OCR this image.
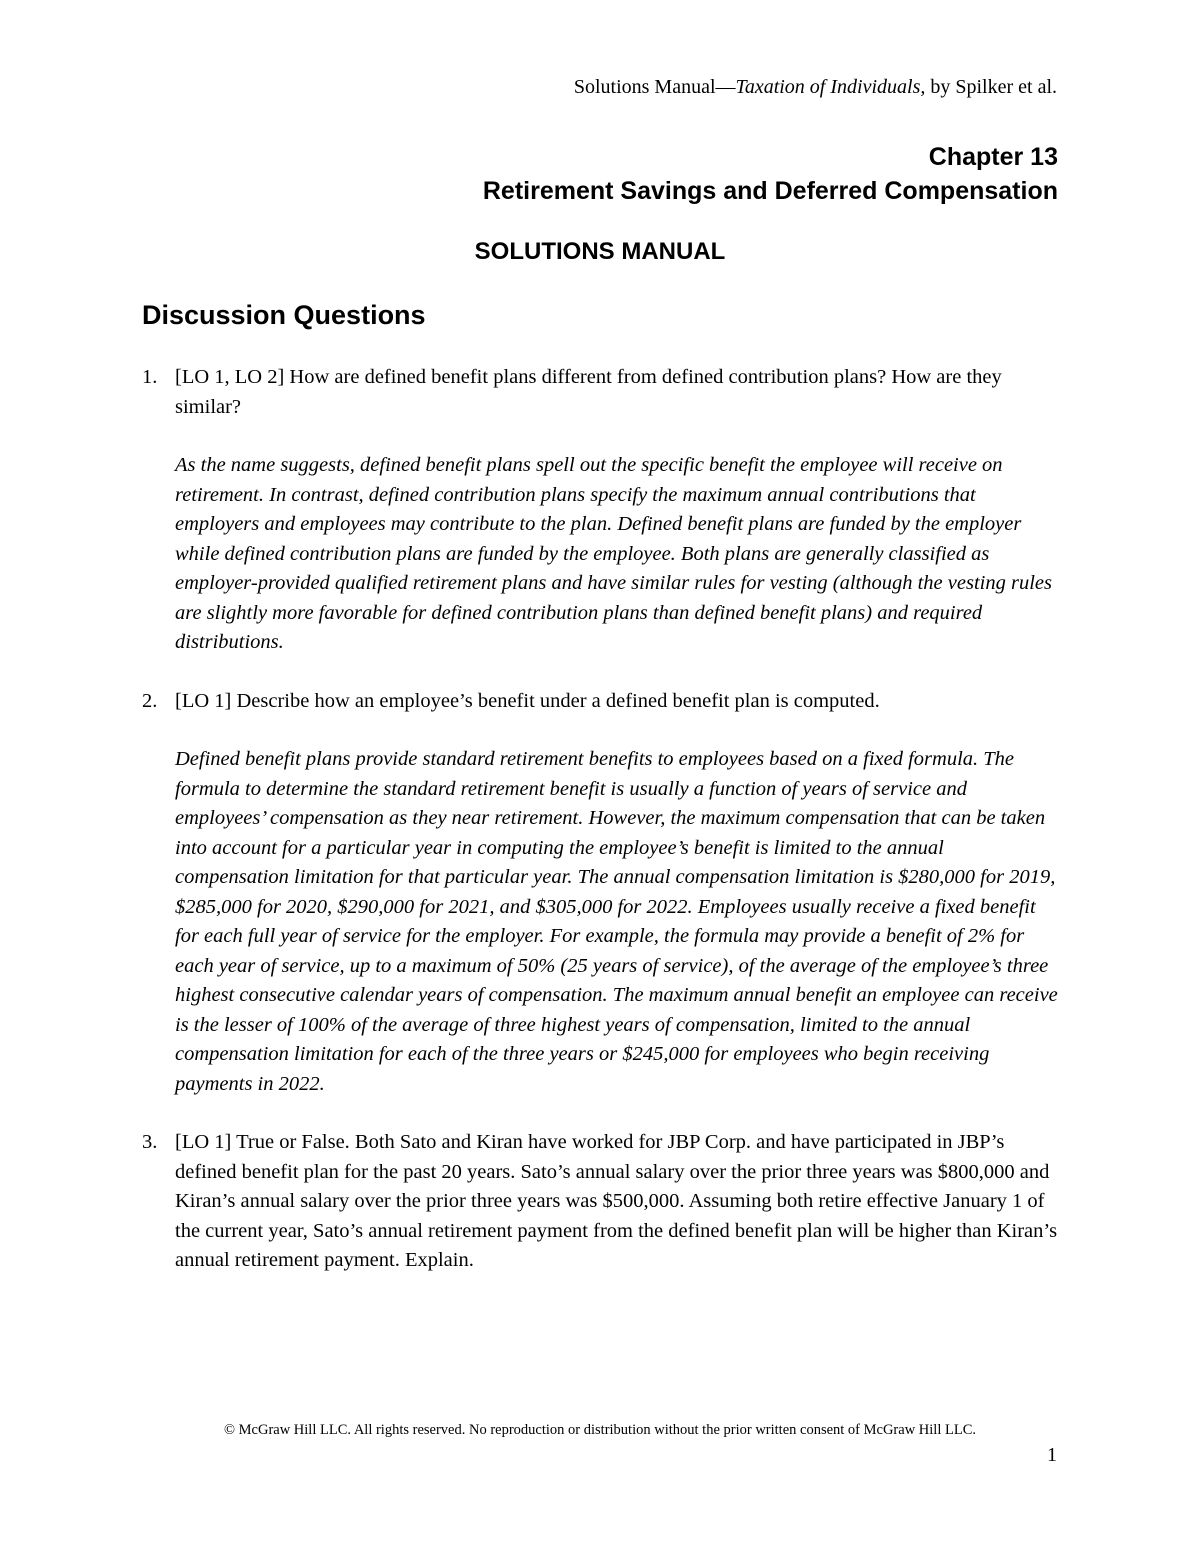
Solutions Manual—Taxation of Individuals, by Spilker et al.
Chapter 13
Retirement Savings and Deferred Compensation
SOLUTIONS MANUAL
Discussion Questions
1. [LO 1, LO 2] How are defined benefit plans different from defined contribution plans? How are they similar?

As the name suggests, defined benefit plans spell out the specific benefit the employee will receive on retirement. In contrast, defined contribution plans specify the maximum annual contributions that employers and employees may contribute to the plan. Defined benefit plans are funded by the employer while defined contribution plans are funded by the employee. Both plans are generally classified as employer-provided qualified retirement plans and have similar rules for vesting (although the vesting rules are slightly more favorable for defined contribution plans than defined benefit plans) and required distributions.

2. [LO 1] Describe how an employee’s benefit under a defined benefit plan is computed.

Defined benefit plans provide standard retirement benefits to employees based on a fixed formula. The formula to determine the standard retirement benefit is usually a function of years of service and employees’ compensation as they near retirement. However, the maximum compensation that can be taken into account for a particular year in computing the employee’s benefit is limited to the annual compensation limitation for that particular year. The annual compensation limitation is $280,000 for 2019, $285,000 for 2020, $290,000 for 2021, and $305,000 for 2022. Employees usually receive a fixed benefit for each full year of service for the employer. For example, the formula may provide a benefit of 2% for each year of service, up to a maximum of 50% (25 years of service), of the average of the employee’s three highest consecutive calendar years of compensation. The maximum annual benefit an employee can receive is the lesser of 100% of the average of three highest years of compensation, limited to the annual compensation limitation for each of the three years or $245,000 for employees who begin receiving payments in 2022.

3. [LO 1] True or False. Both Sato and Kiran have worked for JBP Corp. and have participated in JBP’s defined benefit plan for the past 20 years. Sato’s annual salary over the prior three years was $800,000 and Kiran’s annual salary over the prior three years was $500,000. Assuming both retire effective January 1 of the current year, Sato’s annual retirement payment from the defined benefit plan will be higher than Kiran’s annual retirement payment. Explain.

© McGraw Hill LLC. All rights reserved. No reproduction or distribution without the prior written consent of McGraw Hill LLC.
1
